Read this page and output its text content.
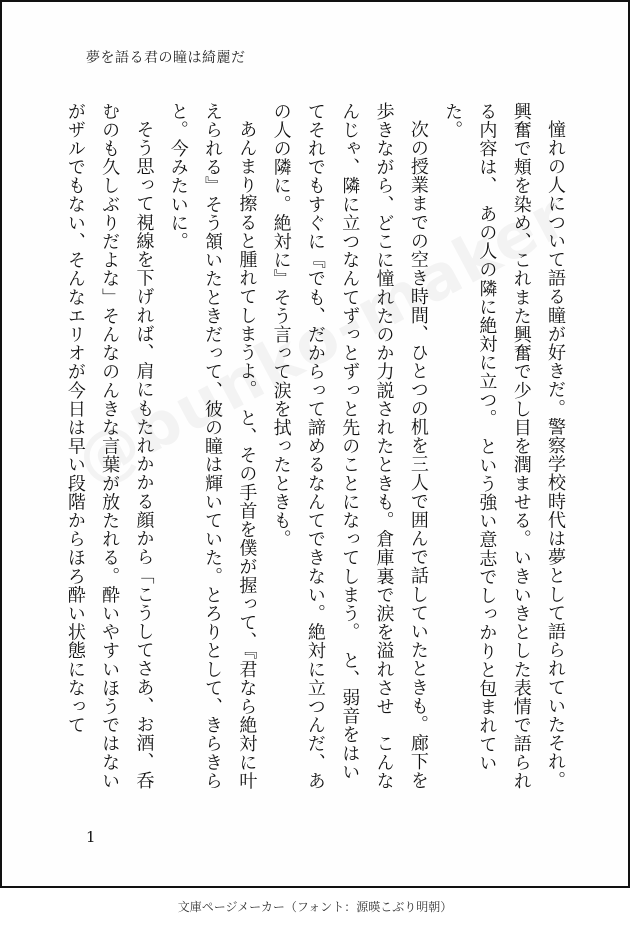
夢を語る君の瞳は綺麗だ

憧れの人について語る瞳が好きだ。警察学校時代は夢として語られていたそれ。興奮で頬を染め、これまた興奮で少し目を潤ませる。いきいきとした表情で語られる内容は、　あの人の隣に絶対に立つ。　という強い意志でしっかりと包まれていた。

次の授業までの空き時間、ひとつの机を三人で囲んで話していたときも。廊下を歩きながら、どこに憧れたのか力説されたときも。倉庫裏で涙を溢れさせ　こんなんじゃ、隣に立つなんてずっとずっと先のことになってしまう。　と、弱音をはいてそれでもすぐに『でも、だからって諦めるなんてできない。絶対に立つんだ、あの人の隣に。絶対に』そう言って涙を拭ったときも。

あんまり擦ると腫れてしまうよ。　と、その手首を僕が握って、『君なら絶対に叶えられる』そう頷いたときだって、彼の瞳は輝いていた。とろりとして、きらきらと。今みたいに。

そう思って視線を下げれば、肩にもたれかかる顔から「こうしてさあ、お酒、呑むのも久しぶりだよな」そんなのんきな言葉が放たれる。酔いやすいほうではないがザルでもない、そんなエリオが今日は早い段階からほろ酔い状態になって

1
文庫ページメーカー（フォント：源暎こぶり明朝）
